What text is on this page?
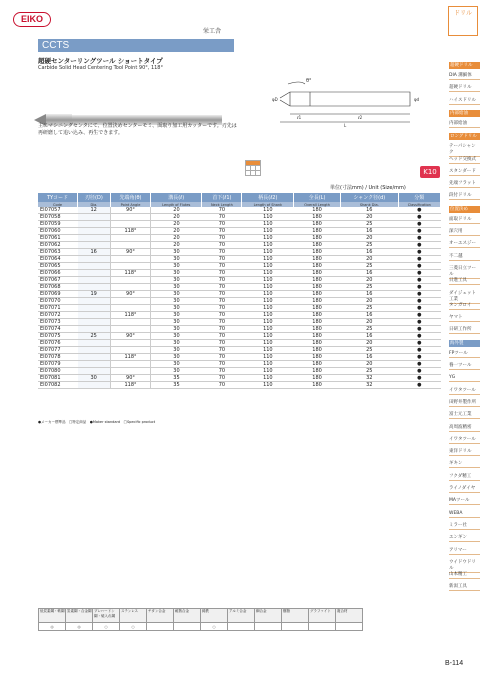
EIKO
栄工舎
CCTS
超硬センターリングツール ショートタイプ
Carbide Solid Head Centering Tool Point 90°, 118°
θ°
φD	φd
ℓ1	ℓ2
L
主にマシニングセンタにて、位置決めセンターモミ、面取り加工用カッターです。刃先は再研磨して追い込み、再生できます。

K10
単位(寸法mm) / Unit (Size/mm)
TYコード	刃径(D)	先端角(θ)	溝長(ℓ)	首下(ℓ1)	柄長(ℓ2)	全長(L)	シャンク径(d)	分類
Code	Dia.	Point Angle	Length of Flutes	Neck Length	Length of Shank	Overall Length	Shank Dia.	Classification
EI07057	12	90°	20	70	110	180	16	●
EI07058			20	70	110	180	20	●
EI07059			20	70	110	180	25	●
EI07060		118°	20	70	110	180	16	●
EI07061			20	70	110	180	20	●
EI07062			20	70	110	180	25	●
EI07063	16	90°	30	70	110	180	16	●
EI07064			30	70	110	180	20	●
EI07065			30	70	110	180	25	●
EI07066		118°	30	70	110	180	16	●
EI07067			30	70	110	180	20	●
EI07068			30	70	110	180	25	●
EI07069	19	90°	30	70	110	180	16	●
EI07070			30	70	110	180	20	●
EI07071			30	70	110	180	25	●
EI07072		118°	30	70	110	180	16	●
EI07073			30	70	110	180	20	●
EI07074			30	70	110	180	25	●
EI07075	25	90°	30	70	110	180	16	●
EI07076			30	70	110	180	20	●
EI07077			30	70	110	180	25	●
EI07078		118°	30	70	110	180	16	●
EI07079			30	70	110	180	20	●
EI07080			30	70	110	180	25	●
EI07081	30	90°	35	70	110	180	32	●
EI07082		118°	35	70	110	180	32	●
●メーカー標準品　□特定商品　●Maker standard　□Specific product
ドリル
超硬ドリル
DIA 溝細体
超硬ドリル
ハイスドリル
内部給油
内部給油
ロングドリル
テーパシャンク
ヘッド交換式
スタンダード
先端フラット
段付ドリル
位置決め
面取ドリル
深穴用
オーエスジー
不二越
三菱日立ツール
日進工具
ダイジェット工業
タンガロイ
ヤマト
日研工作所
海外製
FPツール
養一ツール
YG
イワタツール
田野井製作所
富士元工業
高周波精密
イワタツール
東洋ドリル
ギキン
フクダ精工
ライノダイヤ
MAツール
WEBA
ミラー社
エンギン
アリマー
ウイドウドリル
山本精工
新潟工具
低炭素鋼・軟鋼	炭素鋼・合金鋼	プレハードン鋼・焼入れ鋼	ステンレス	チタン合金	耐熱合金	鋳鉄	アルミ合金	銅合金	樹脂	グラファイト	複合材
◎	◎	○	○			○					
B-114
